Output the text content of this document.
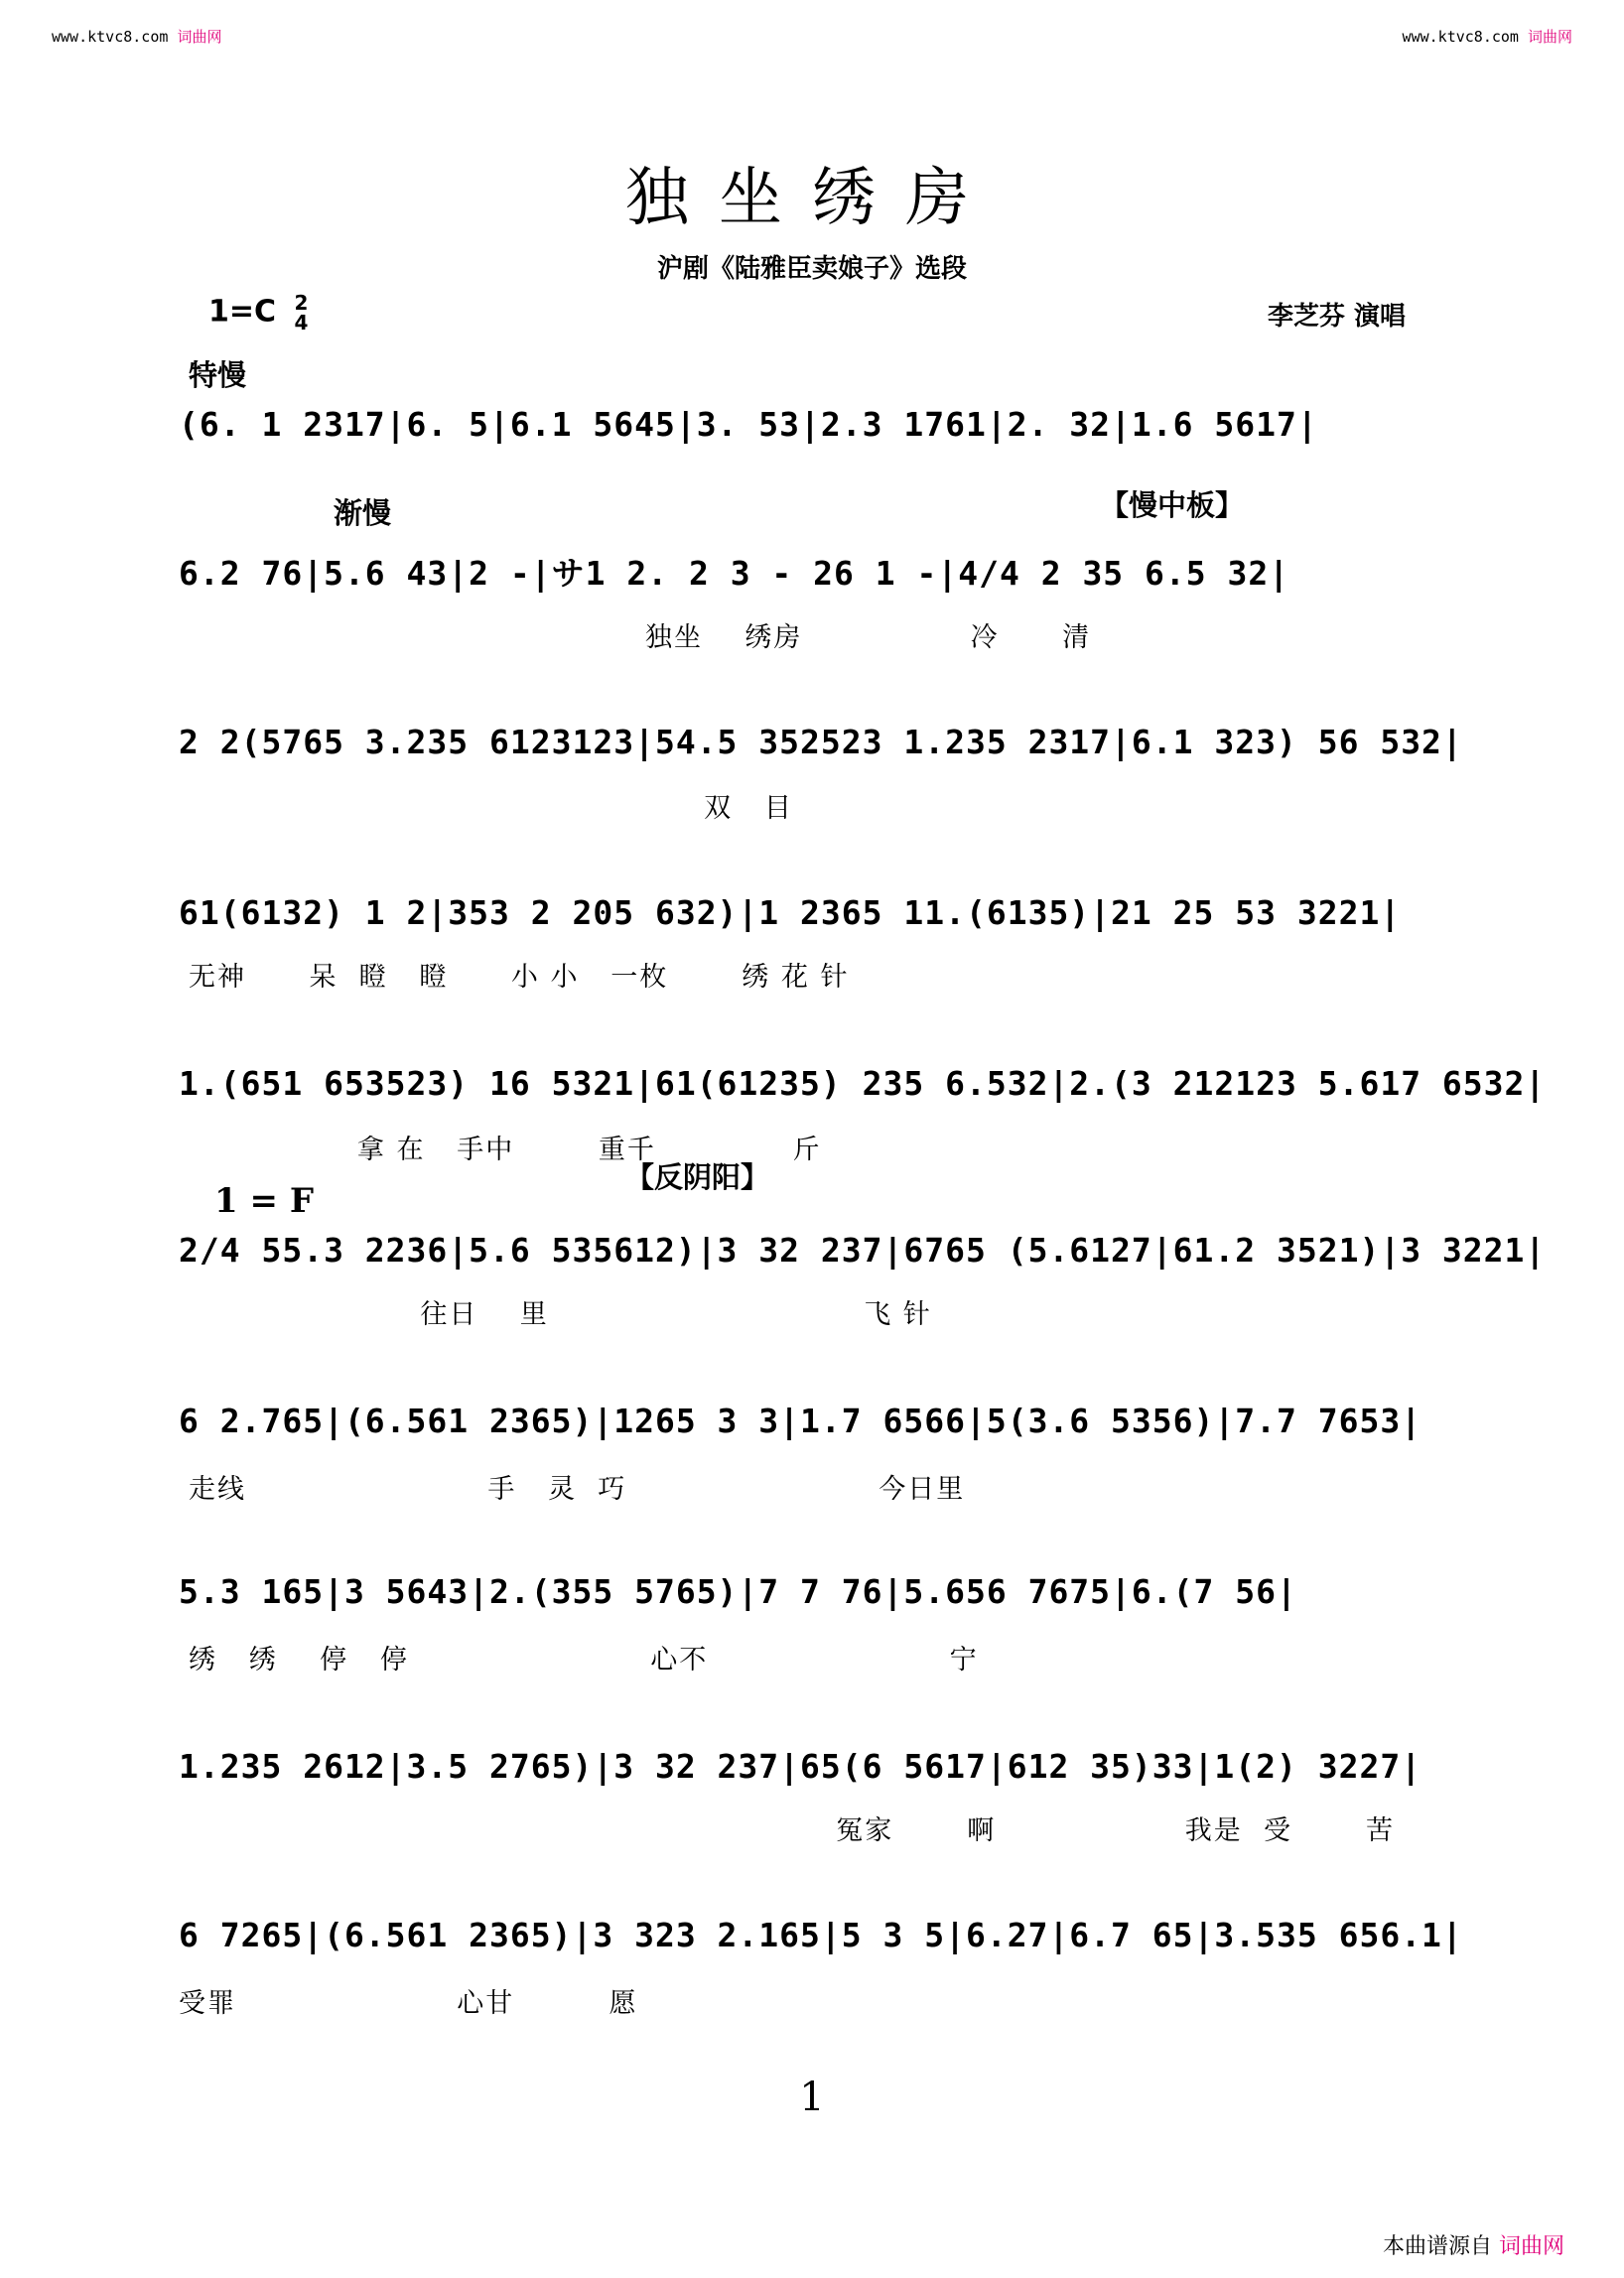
www.ktvc8.com 词曲网	www.ktvc8.com 词曲网
独坐绣房
沪剧《陆雅臣卖娘子》选段
1=C 2
4	李芝芬 演唱
特慢
渐慢	【慢中板】
【反阴阳】
1 = F
(6. 1 2317|6. 5|6.1 5645|3. 53|2.3 1761|2. 32|1.6 5617|
6.2 76|5.6 43|2 -|サ1 2. 2 3 - 26 1 -|4/4 2 35 6.5 32|
独坐    绣房                冷      清
2 2(5765 3.235 6123123|54.5 352523 1.235 2317|6.1 323) 56 532|
双   目
61(6132) 1 2|353 2 205 632)|1 2365 11.(6135)|21 25 53 3221|
无神      呆  瞪   瞪      小 小   一枚       绣 花 针
1.(651 653523) 16 5321|61(61235) 235 6.532|2.(3 212123 5.617 6532|
拿 在   手中        重千             斤
2/4 55.3 2236|5.6 535612)|3 32 237|6765 (5.6127|61.2 3521)|3 3221|
往日    里                              飞 针
6 2.765|(6.561 2365)|1265 3 3|1.7 6566|5(3.6 5356)|7.7 7653|
走线                       手   灵  巧                        今日里
5.3 165|3 5643|2.(355 5765)|7 7 76|5.656 7675|6.(7 56|
绣   绣    停   停                       心不                       宁
1.235 2612|3.5 2765)|3 32 237|65(6 5617|612 35)33|1(2) 3227|
冤家       啊                  我是  受       苦
6 7265|(6.561 2365)|3 323 2.165|5 3 5|6.27|6.7 65|3.535 656.1|
受罪                     心甘         愿
1
本曲谱源自 词曲网
